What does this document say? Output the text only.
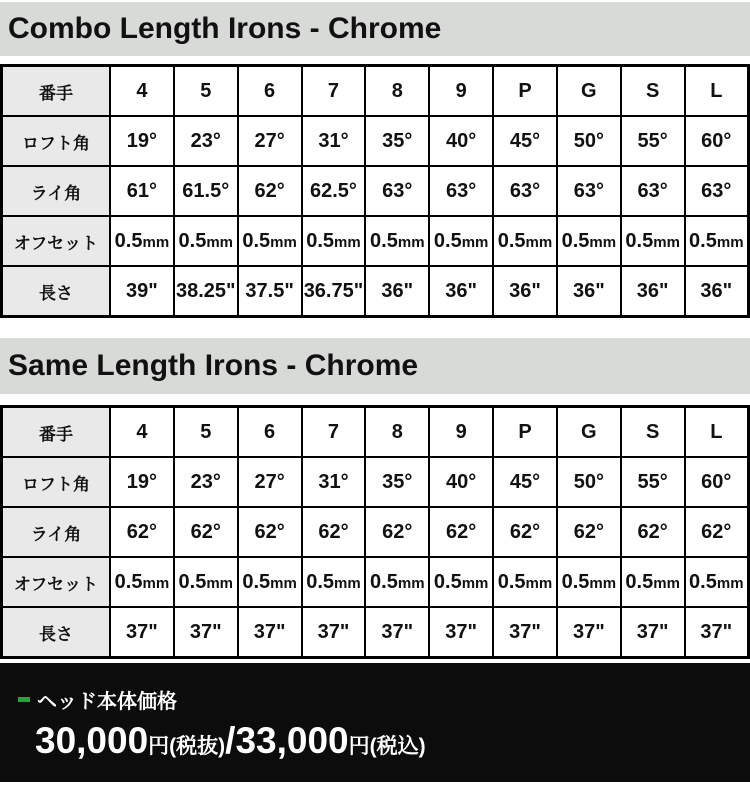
Combo Length Irons - Chrome
番手	4	5	6	7	8	9	P	G	S	L
ロフト角	19°	23°	27°	31°	35°	40°	45°	50°	55°	60°
ライ角	61°	61.5°	62°	62.5°	63°	63°	63°	63°	63°	63°
オフセット	0.5mm	0.5mm	0.5mm	0.5mm	0.5mm	0.5mm	0.5mm	0.5mm	0.5mm	0.5mm
長さ	39"	38.25"	37.5"	36.75"	36"	36"	36"	36"	36"	36"
Same Length Irons - Chrome
番手	4	5	6	7	8	9	P	G	S	L
ロフト角	19°	23°	27°	31°	35°	40°	45°	50°	55°	60°
ライ角	62°	62°	62°	62°	62°	62°	62°	62°	62°	62°
オフセット	0.5mm	0.5mm	0.5mm	0.5mm	0.5mm	0.5mm	0.5mm	0.5mm	0.5mm	0.5mm
長さ	37"	37"	37"	37"	37"	37"	37"	37"	37"	37"
ヘッド本体価格
30,000円(税抜)/33,000円(税込)
